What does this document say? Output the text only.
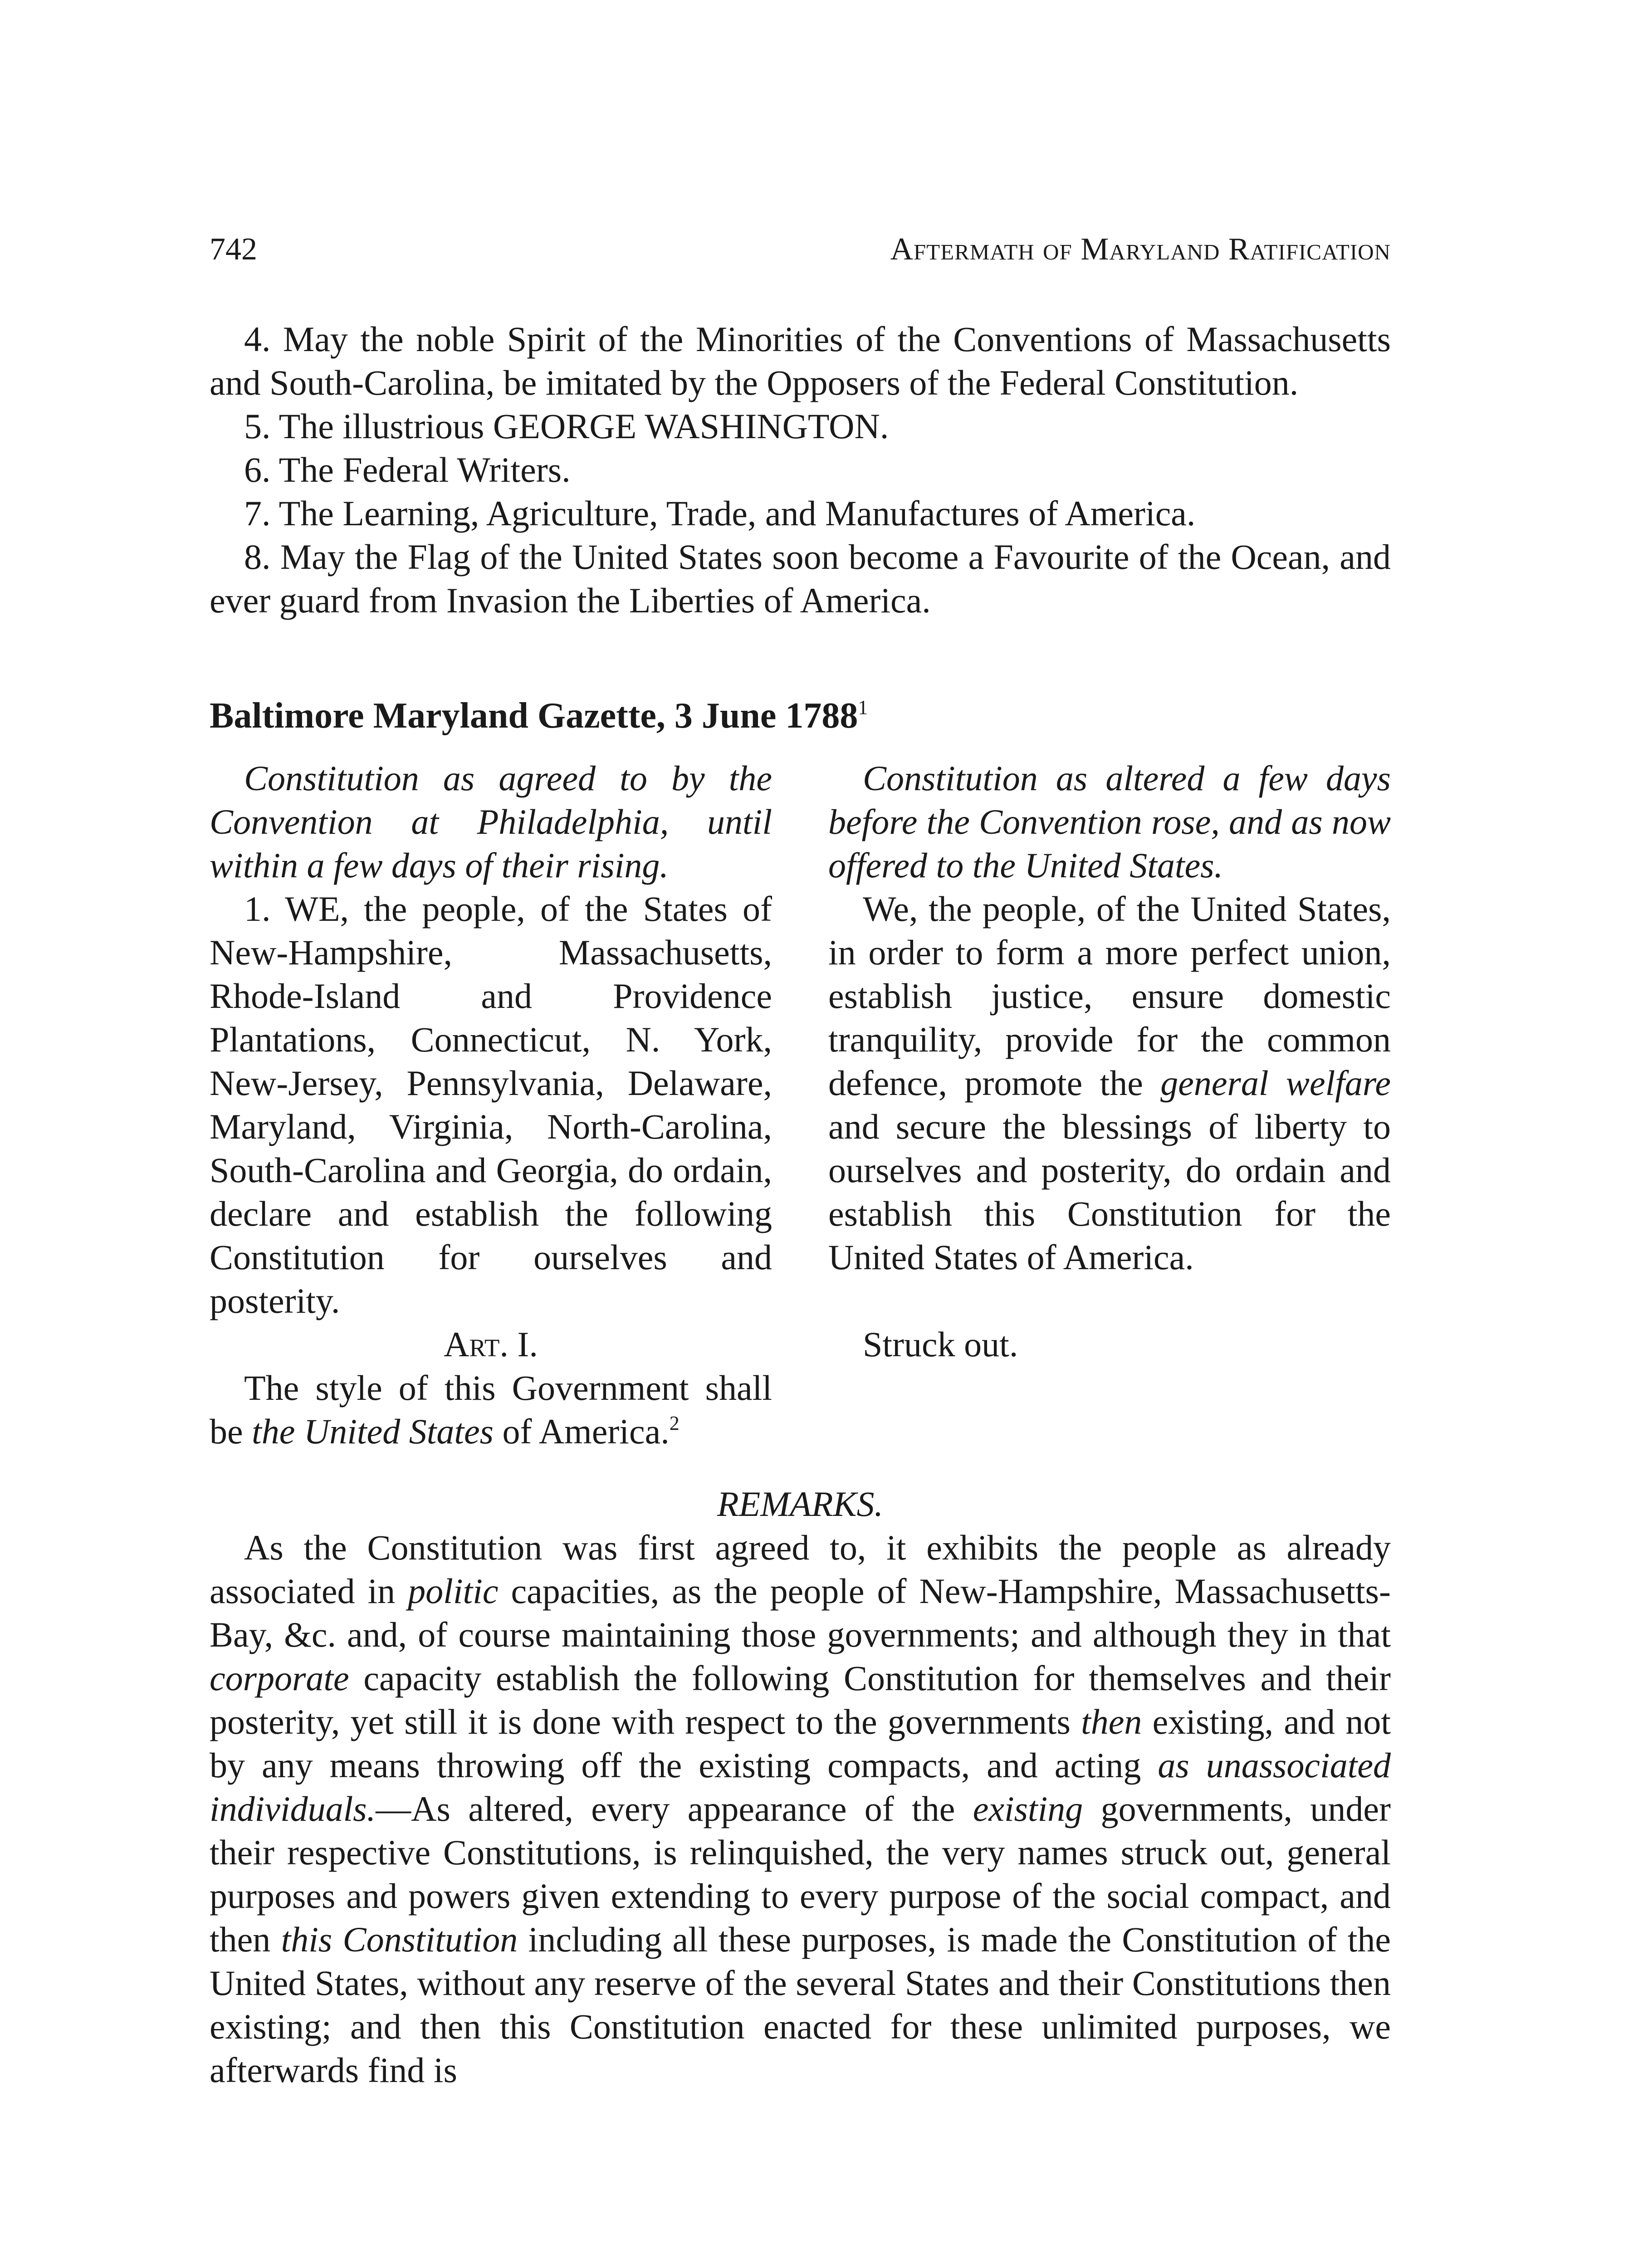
742	Aftermath of Maryland Ratification

4. May the noble Spirit of the Minorities of the Conventions of Massachusetts and South-Carolina, be imitated by the Opposers of the Federal Constitution.

5. The illustrious GEORGE WASHINGTON.

6. The Federal Writers.

7. The Learning, Agriculture, Trade, and Manufactures of America.

8. May the Flag of the United States soon become a Favourite of the Ocean, and ever guard from Invasion the Liberties of America.

Baltimore Maryland Gazette, 3 June 1788$^1$

Constitution as agreed to by the Convention at Philadelphia, until within a few days of their rising.

1. WE, the people, of the States of New-Hampshire, Massachusetts, Rhode-Island and Providence Plantations, Connecticut, N. York, New-Jersey, Pennsylvania, Delaware, Maryland, Virginia, North-Carolina, South-Carolina and Georgia, do ordain, declare and establish the following Constitution for ourselves and posterity.

Art. I.

The style of this Government shall be the United States of America.$^2$

Constitution as altered a few days before the Convention rose, and as now offered to the United States.

We, the people, of the United States, in order to form a more perfect union, establish justice, ensure domestic tranquility, provide for the common defence, promote the general welfare and secure the blessings of liberty to ourselves and posterity, do ordain and establish this Constitution for the United States of America.

Struck out.

REMARKS.

As the Constitution was first agreed to, it exhibits the people as already associated in politic capacities, as the people of New-Hampshire, Massachusetts-Bay, &c. and, of course maintaining those governments; and although they in that corporate capacity establish the following Constitution for themselves and their posterity, yet still it is done with respect to the governments then existing, and not by any means throwing off the existing compacts, and acting as unassociated individuals.—As altered, every appearance of the existing governments, under their respective Constitutions, is relinquished, the very names struck out, general purposes and powers given extending to every purpose of the social compact, and then this Constitution including all these purposes, is made the Constitution of the United States, without any reserve of the several States and their Constitutions then existing; and then this Constitution enacted for these unlimited purposes, we afterwards find is
